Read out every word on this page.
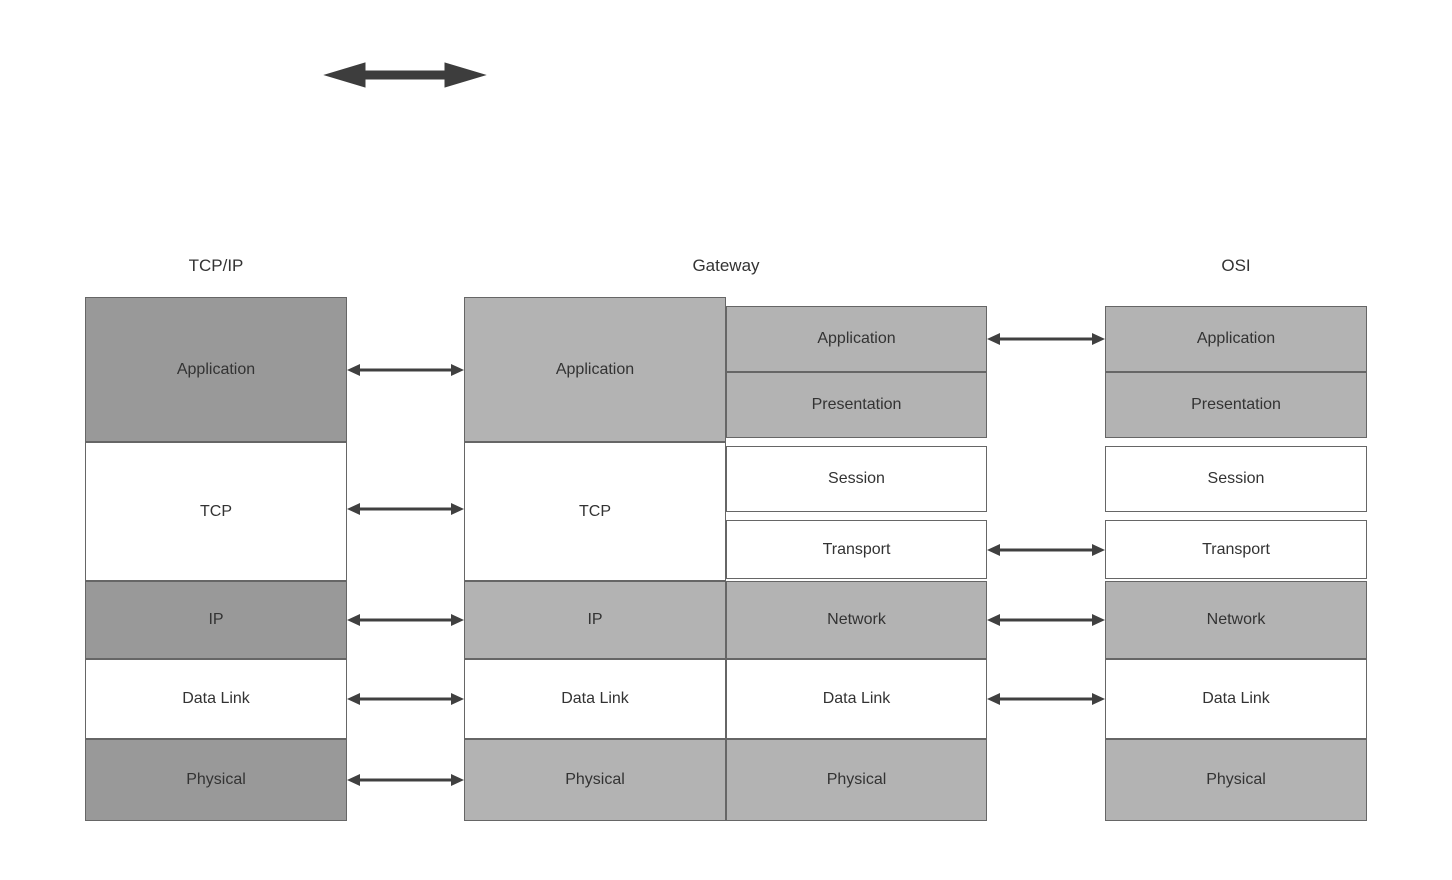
TCP/IP	Gateway	OSI
Application
TCP
IP
Data Link
Physical
Application
TCP
IP
Data Link
Physical
Application
Presentation
Session
Transport
Network
Data Link
Physical
Application
Presentation
Session
Transport
Network
Data Link
Physical
